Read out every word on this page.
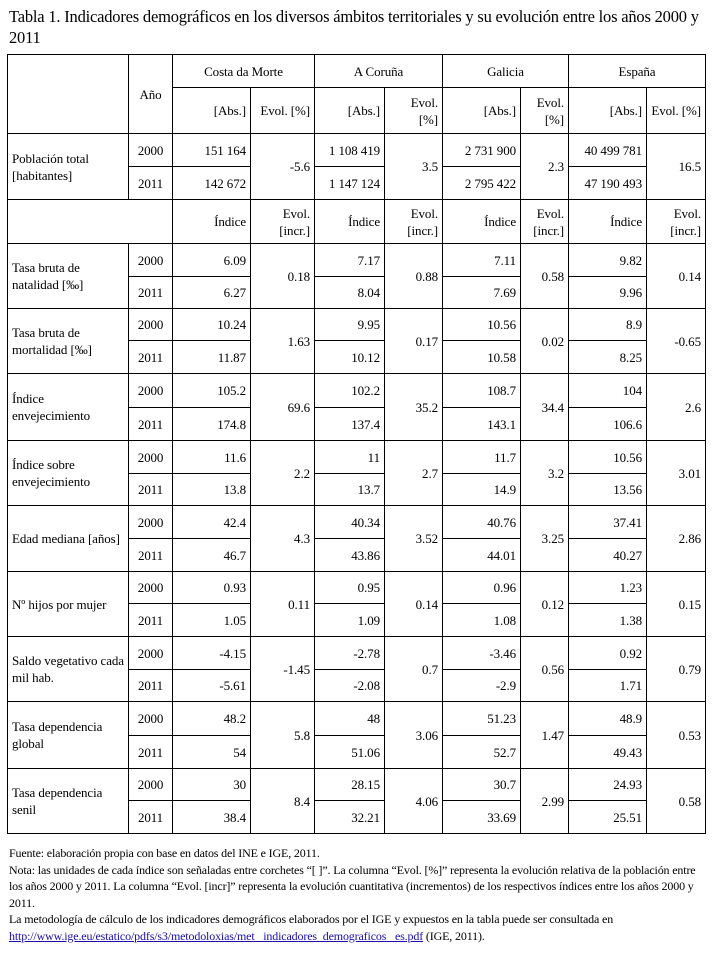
Tabla 1. Indicadores demográficos en los diversos ámbitos territoriales y su evolución entre los años 2000 y 2011
	Año	Costa da Morte		A Coruña		Galicia		España	
		[Abs.]	Evol. [%]	[Abs.]	Evol. [%]	[Abs.]	Evol. [%]	[Abs.]	Evol. [%]
Población total [habitantes]	2000	151 164	-5.6	1 108 419	3.5	2 731 900	2.3	40 499 781	16.5
	2011	142 672		1 147 124		2 795 422		47 190 493	
		Índice	Evol. [incr.]	Índice	Evol. [incr.]	Índice	Evol. [incr.]	Índice	Evol. [incr.]
Tasa bruta de natalidad [‰]	2000	6.09	0.18	7.17	0.88	7.11	0.58	9.82	0.14
	2011	6.27		8.04		7.69		9.96	
Tasa bruta de mortalidad [‰]	2000	10.24	1.63	9.95	0.17	10.56	0.02	8.9	-0.65
	2011	11.87		10.12		10.58		8.25	
Índice envejecimiento	2000	105.2	69.6	102.2	35.2	108.7	34.4	104	2.6
	2011	174.8		137.4		143.1		106.6	
Índice sobre envejecimiento	2000	11.6	2.2	11	2.7	11.7	3.2	10.56	3.01
	2011	13.8		13.7		14.9		13.56	
Edad mediana [años]	2000	42.4	4.3	40.34	3.52	40.76	3.25	37.41	2.86
	2011	46.7		43.86		44.01		40.27	
Nº hijos por mujer	2000	0.93	0.11	0.95	0.14	0.96	0.12	1.23	0.15
	2011	1.05		1.09		1.08		1.38	
Saldo vegetativo cada mil hab.	2000	-4.15	-1.45	-2.78	0.7	-3.46	0.56	0.92	0.79
	2011	-5.61		-2.08		-2.9		1.71	
Tasa dependencia global	2000	48.2	5.8	48	3.06	51.23	1.47	48.9	0.53
	2011	54		51.06		52.7		49.43	
Tasa dependencia senil	2000	30	8.4	28.15	4.06	30.7	2.99	24.93	0.58
	2011	38.4		32.21		33.69		25.51	

Fuente: elaboración propia con base en datos del INE e IGE, 2011.

Nota: las unidades de cada índice son señaladas entre corchetes “[ ]”. La columna “Evol. [%]” representa la evolución relativa de la población entre los años 2000 y 2011. La columna “Evol. [incr]” representa la evolución cuantitativa (incrementos) de los respectivos índices entre los años 2000 y 2011.

La metodología de cálculo de los indicadores demográficos elaborados por el IGE y expuestos en la tabla puede ser consultada en http://www.ige.eu/estatico/pdfs/s3/metodoloxias/met _indicadores_demograficos _es.pdf (IGE, 2011).
